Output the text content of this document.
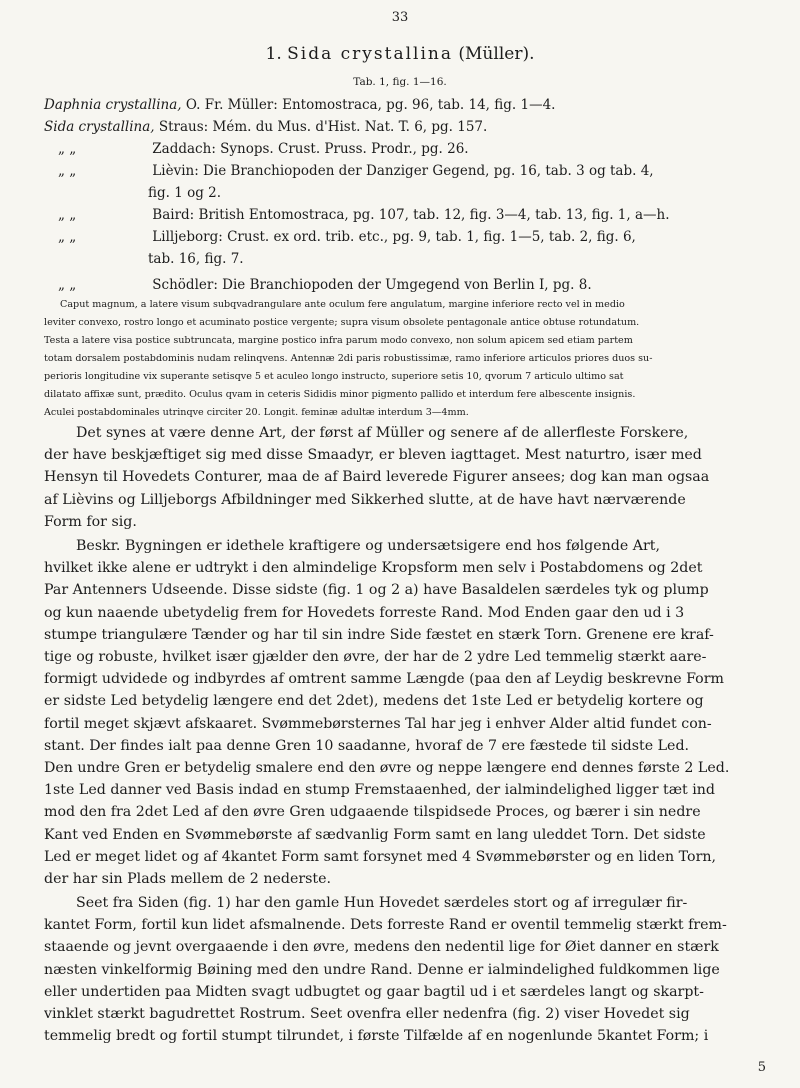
33
1. Sida crystallina (Müller).
Tab. 1, fig. 1—16.
Daphnia crystallina, O. Fr. Müller: Entomostraca, pg. 96, tab. 14, fig. 1—4.
Sida crystallina, Straus: Mém. du Mus. d'Hist. Nat. T. 6, pg. 157.
„ „	Zaddach: Synops. Crust. Pruss. Prodr., pg. 26.
„ „	Lièvin: Die Branchiopoden der Danziger Gegend, pg. 16, tab. 3 og tab. 4,
fig. 1 og 2.
„ „	Baird: British Entomostraca, pg. 107, tab. 12, fig. 3—4, tab. 13, fig. 1, a—h.
„ „	Lilljeborg: Crust. ex ord. trib. etc., pg. 9, tab. 1, fig. 1—5, tab. 2, fig. 6,
tab. 16, fig. 7.
„ „	Schödler: Die Branchiopoden der Umgegend von Berlin I, pg. 8.
Caput magnum, a latere visum subqvadrangulare ante oculum fere angulatum, margine inferiore recto vel in medio
leviter convexo, rostro longo et acuminato postice vergente; supra visum obsolete pentagonale antice obtuse rotundatum.
Testa a latere visa postice subtruncata, margine postico infra parum modo convexo, non solum apicem sed etiam partem
totam dorsalem postabdominis nudam relinqvens. Antennæ 2di paris robustissimæ, ramo inferiore articulos priores duos su-
perioris longitudine vix superante setisqve 5 et aculeo longo instructo, superiore setis 10, qvorum 7 articulo ultimo sat
dilatato affixæ sunt, prædito. Oculus qvam in ceteris Sididis minor pigmento pallido et interdum fere albescente insignis.
Aculei postabdominales utrinqve circiter 20. Longit. feminæ adultæ interdum 3—4mm.
Det synes at være denne Art, der først af Müller og senere af de allerfleste Forskere,
der have beskjæftiget sig med disse Smaadyr, er bleven iagttaget. Mest naturtro, især med
Hensyn til Hovedets Conturer, maa de af Baird leverede Figurer ansees; dog kan man ogsaa
af Lièvins og Lilljeborgs Afbildninger med Sikkerhed slutte, at de have havt nærværende
Form for sig.
Beskr. Bygningen er idethele kraftigere og undersætsigere end hos følgende Art,
hvilket ikke alene er udtrykt i den almindelige Kropsform men selv i Postabdomens og 2det
Par Antenners Udseende. Disse sidste (fig. 1 og 2 a) have Basaldelen særdeles tyk og plump
og kun naaende ubetydelig frem for Hovedets forreste Rand. Mod Enden gaar den ud i 3
stumpe triangulære Tænder og har til sin indre Side fæstet en stærk Torn. Grenene ere kraf-
tige og robuste, hvilket især gjælder den øvre, der har de 2 ydre Led temmelig stærkt aare-
formigt udvidede og indbyrdes af omtrent samme Længde (paa den af Leydig beskrevne Form
er sidste Led betydelig længere end det 2det), medens det 1ste Led er betydelig kortere og
fortil meget skjævt afskaaret. Svømmebørsternes Tal har jeg i enhver Alder altid fundet con-
stant. Der findes ialt paa denne Gren 10 saadanne, hvoraf de 7 ere fæstede til sidste Led.
Den undre Gren er betydelig smalere end den øvre og neppe længere end dennes første 2 Led.
1ste Led danner ved Basis indad en stump Fremstaaenhed, der ialmindelighed ligger tæt ind
mod den fra 2det Led af den øvre Gren udgaaende tilspidsede Proces, og bærer i sin nedre
Kant ved Enden en Svømmebørste af sædvanlig Form samt en lang uleddet Torn. Det sidste
Led er meget lidet og af 4kantet Form samt forsynet med 4 Svømmebørster og en liden Torn,
der har sin Plads mellem de 2 nederste.
Seet fra Siden (fig. 1) har den gamle Hun Hovedet særdeles stort og af irregulær fir-
kantet Form, fortil kun lidet afsmalnende. Dets forreste Rand er oventil temmelig stærkt frem-
staaende og jevnt overgaaende i den øvre, medens den nedentil lige for Øiet danner en stærk
næsten vinkelformig Bøining med den undre Rand. Denne er ialmindelighed fuldkommen lige
eller undertiden paa Midten svagt udbugtet og gaar bagtil ud i et særdeles langt og skarpt-
vinklet stærkt bagudrettet Rostrum. Seet ovenfra eller nedenfra (fig. 2) viser Hovedet sig
temmelig bredt og fortil stumpt tilrundet, i første Tilfælde af en nogenlunde 5kantet Form; i
5
